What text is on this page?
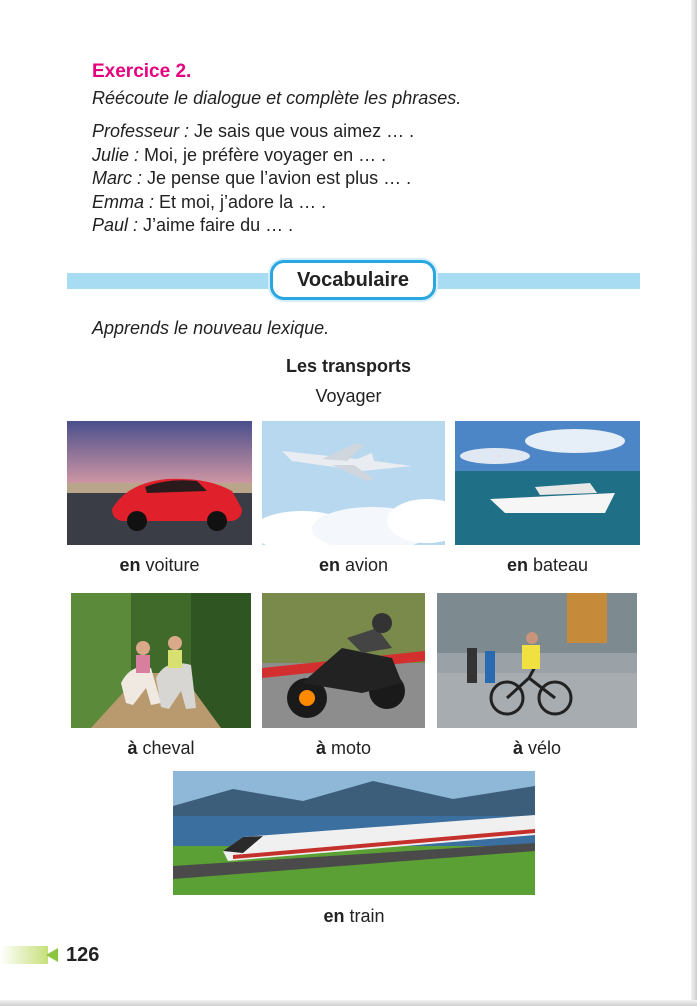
Exercice 2.
Réécoute le dialogue et complète les phrases.
Professeur : Je sais que vous aimez … .
Julie : Moi, je préfère voyager en … .
Marc : Je pense que l’avion est plus … .
Emma : Et moi, j’adore la … .
Paul : J’aime faire du … .
Vocabulaire
Apprends le nouveau lexique.
Les transports
Voyager
en voiture	en avion	en bateau
à cheval	à moto	à vélo
en train
126
